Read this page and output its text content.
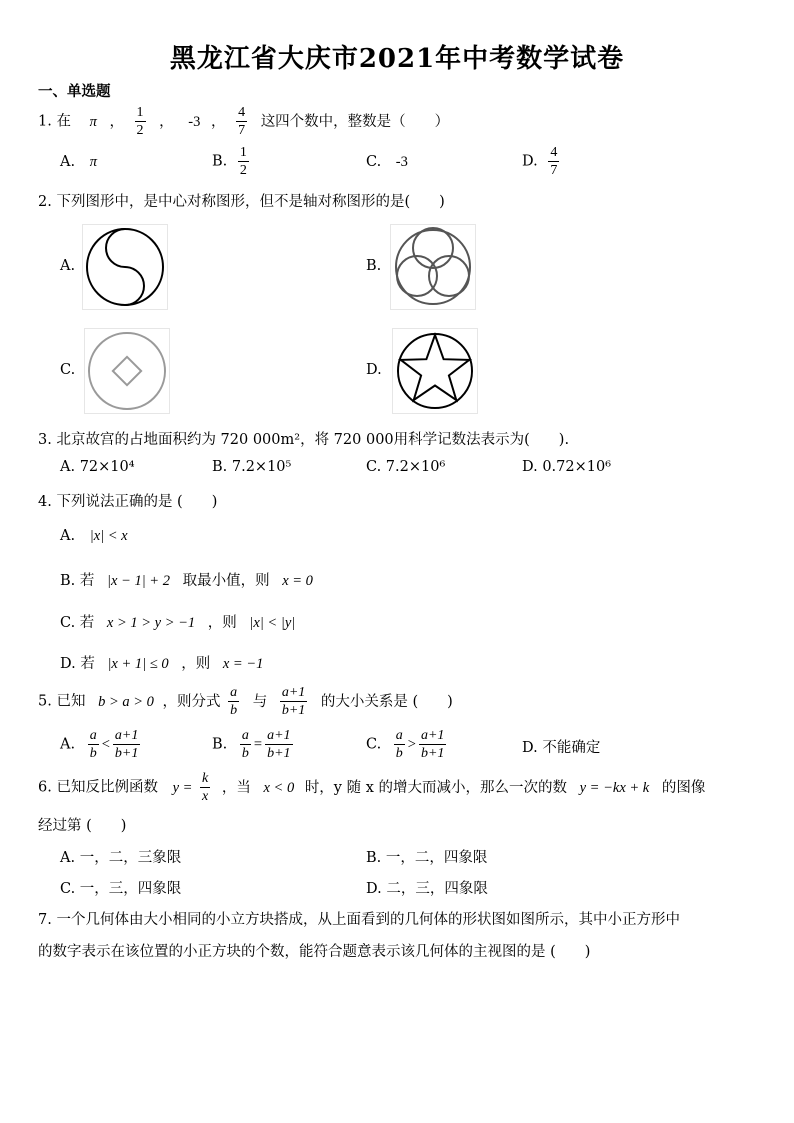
黑龙江省大庆市2021年中考数学试卷
一、单选题
1. 在 π ， $\frac{1}{2}$ ， -3 ， $\frac{4}{7}$ 这四个数中，整数是（　　）
A. π	B. $\frac{1}{2}$	C. -3	D. $\frac{4}{7}$
2. 下列图形中，是中心对称图形，但不是轴对称图形的是(　　)
A.	B.
C.	D.
3. 北京故宫的占地面积约为 720 000m²，将 720 000用科学记数法表示为(　　).
A. 72×10⁴	B. 7.2×10⁵	C. 7.2×10⁶	D. 0.72×10⁶
4. 下列说法正确的是 (　　)
A. |x| < x
B. 若 |x − 1| + 2 取最小值，则 x = 0
C. 若 x > 1 > y > −1 ，则 |x| < |y|
D. 若 |x + 1| ≤ 0 ，则 x = −1
5. 已知 b > a > 0 ，则分式 $\frac{a}{b}$ 与 $\frac{a+1}{b+1}$ 的大小关系是 (　　)
A. $\frac{a}{b} < \frac{a+1}{b+1}$	B. $\frac{a}{b} = \frac{a+1}{b+1}$	C. $\frac{a}{b} > \frac{a+1}{b+1}$	D. 不能确定
6. 已知反比例函数 $y = \frac{k}{x}$ ，当 x < 0 时，y 随 x 的增大而减小，那么一次的数 y = −kx + k 的图像
经过第 (　　)
A. 一，二，三象限	B. 一，二，四象限
C. 一，三，四象限	D. 二，三，四象限
7. 一个几何体由大小相同的小立方块搭成，从上面看到的几何体的形状图如图所示，其中小正方形中
的数字表示在该位置的小正方块的个数，能符合题意表示该几何体的主视图的是 (　　)
